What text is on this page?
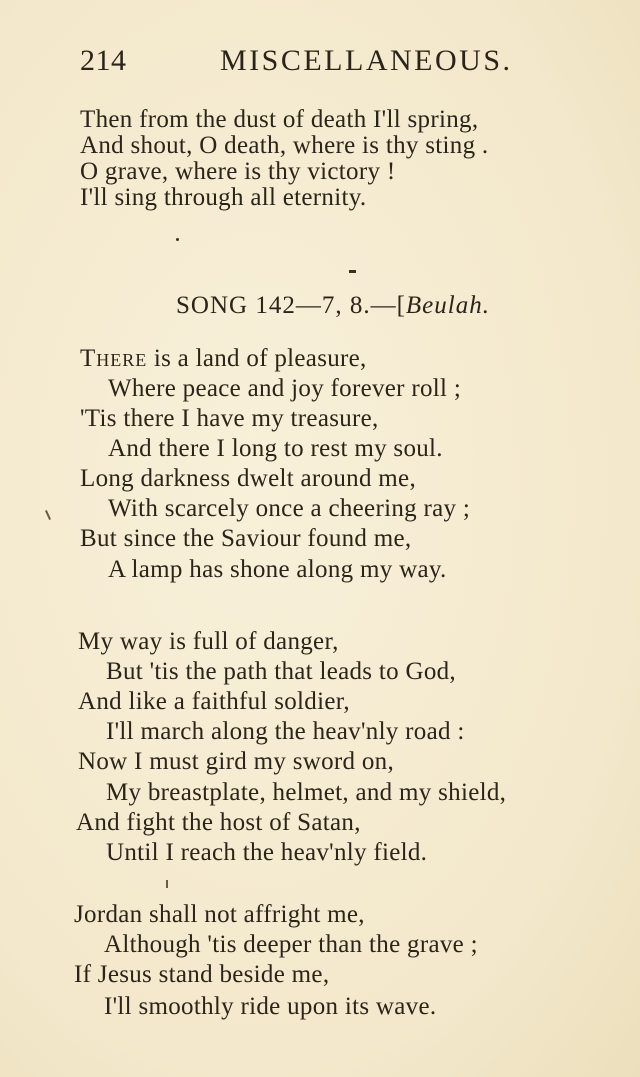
214	MISCELLANEOUS.
Then from the dust of death I'll spring,
And shout, O death, where is thy sting .
O grave, where is thy victory !
I'll sing through all eternity.
SONG 142—7, 8.—[Beulah.
There is a land of pleasure,
Where peace and joy forever roll ;
'Tis there I have my treasure,
And there I long to rest my soul.
Long darkness dwelt around me,
With scarcely once a cheering ray ;
But since the Saviour found me,
A lamp has shone along my way.
My way is full of danger,
But 'tis the path that leads to God,
And like a faithful soldier,
I'll march along the heav'nly road :
Now I must gird my sword on,
My breastplate, helmet, and my shield,
And fight the host of Satan,
Until I reach the heav'nly field.
Jordan shall not affright me,
Although 'tis deeper than the grave ;
If Jesus stand beside me,
I'll smoothly ride upon its wave.
